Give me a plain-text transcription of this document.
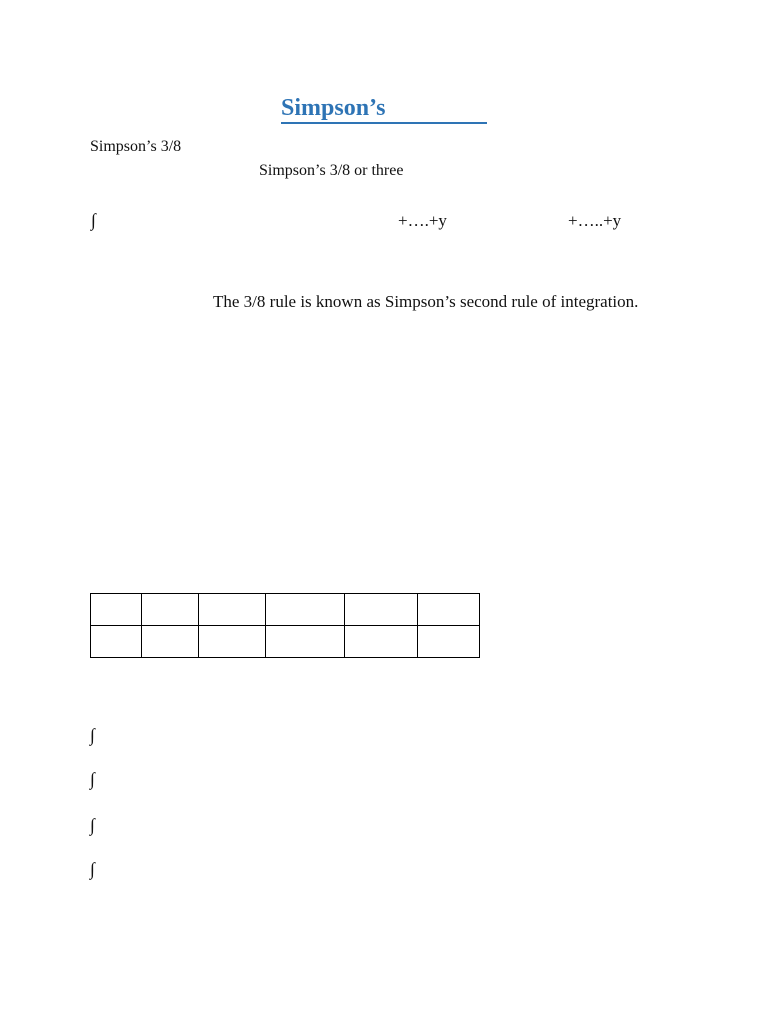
Simpson’s
Simpson’s 3/8
Simpson’s 3/8 or three
∫	+….+y	+…..+y
The 3/8 rule is known as Simpson’s second rule of integration.

∫
∫
∫
∫
